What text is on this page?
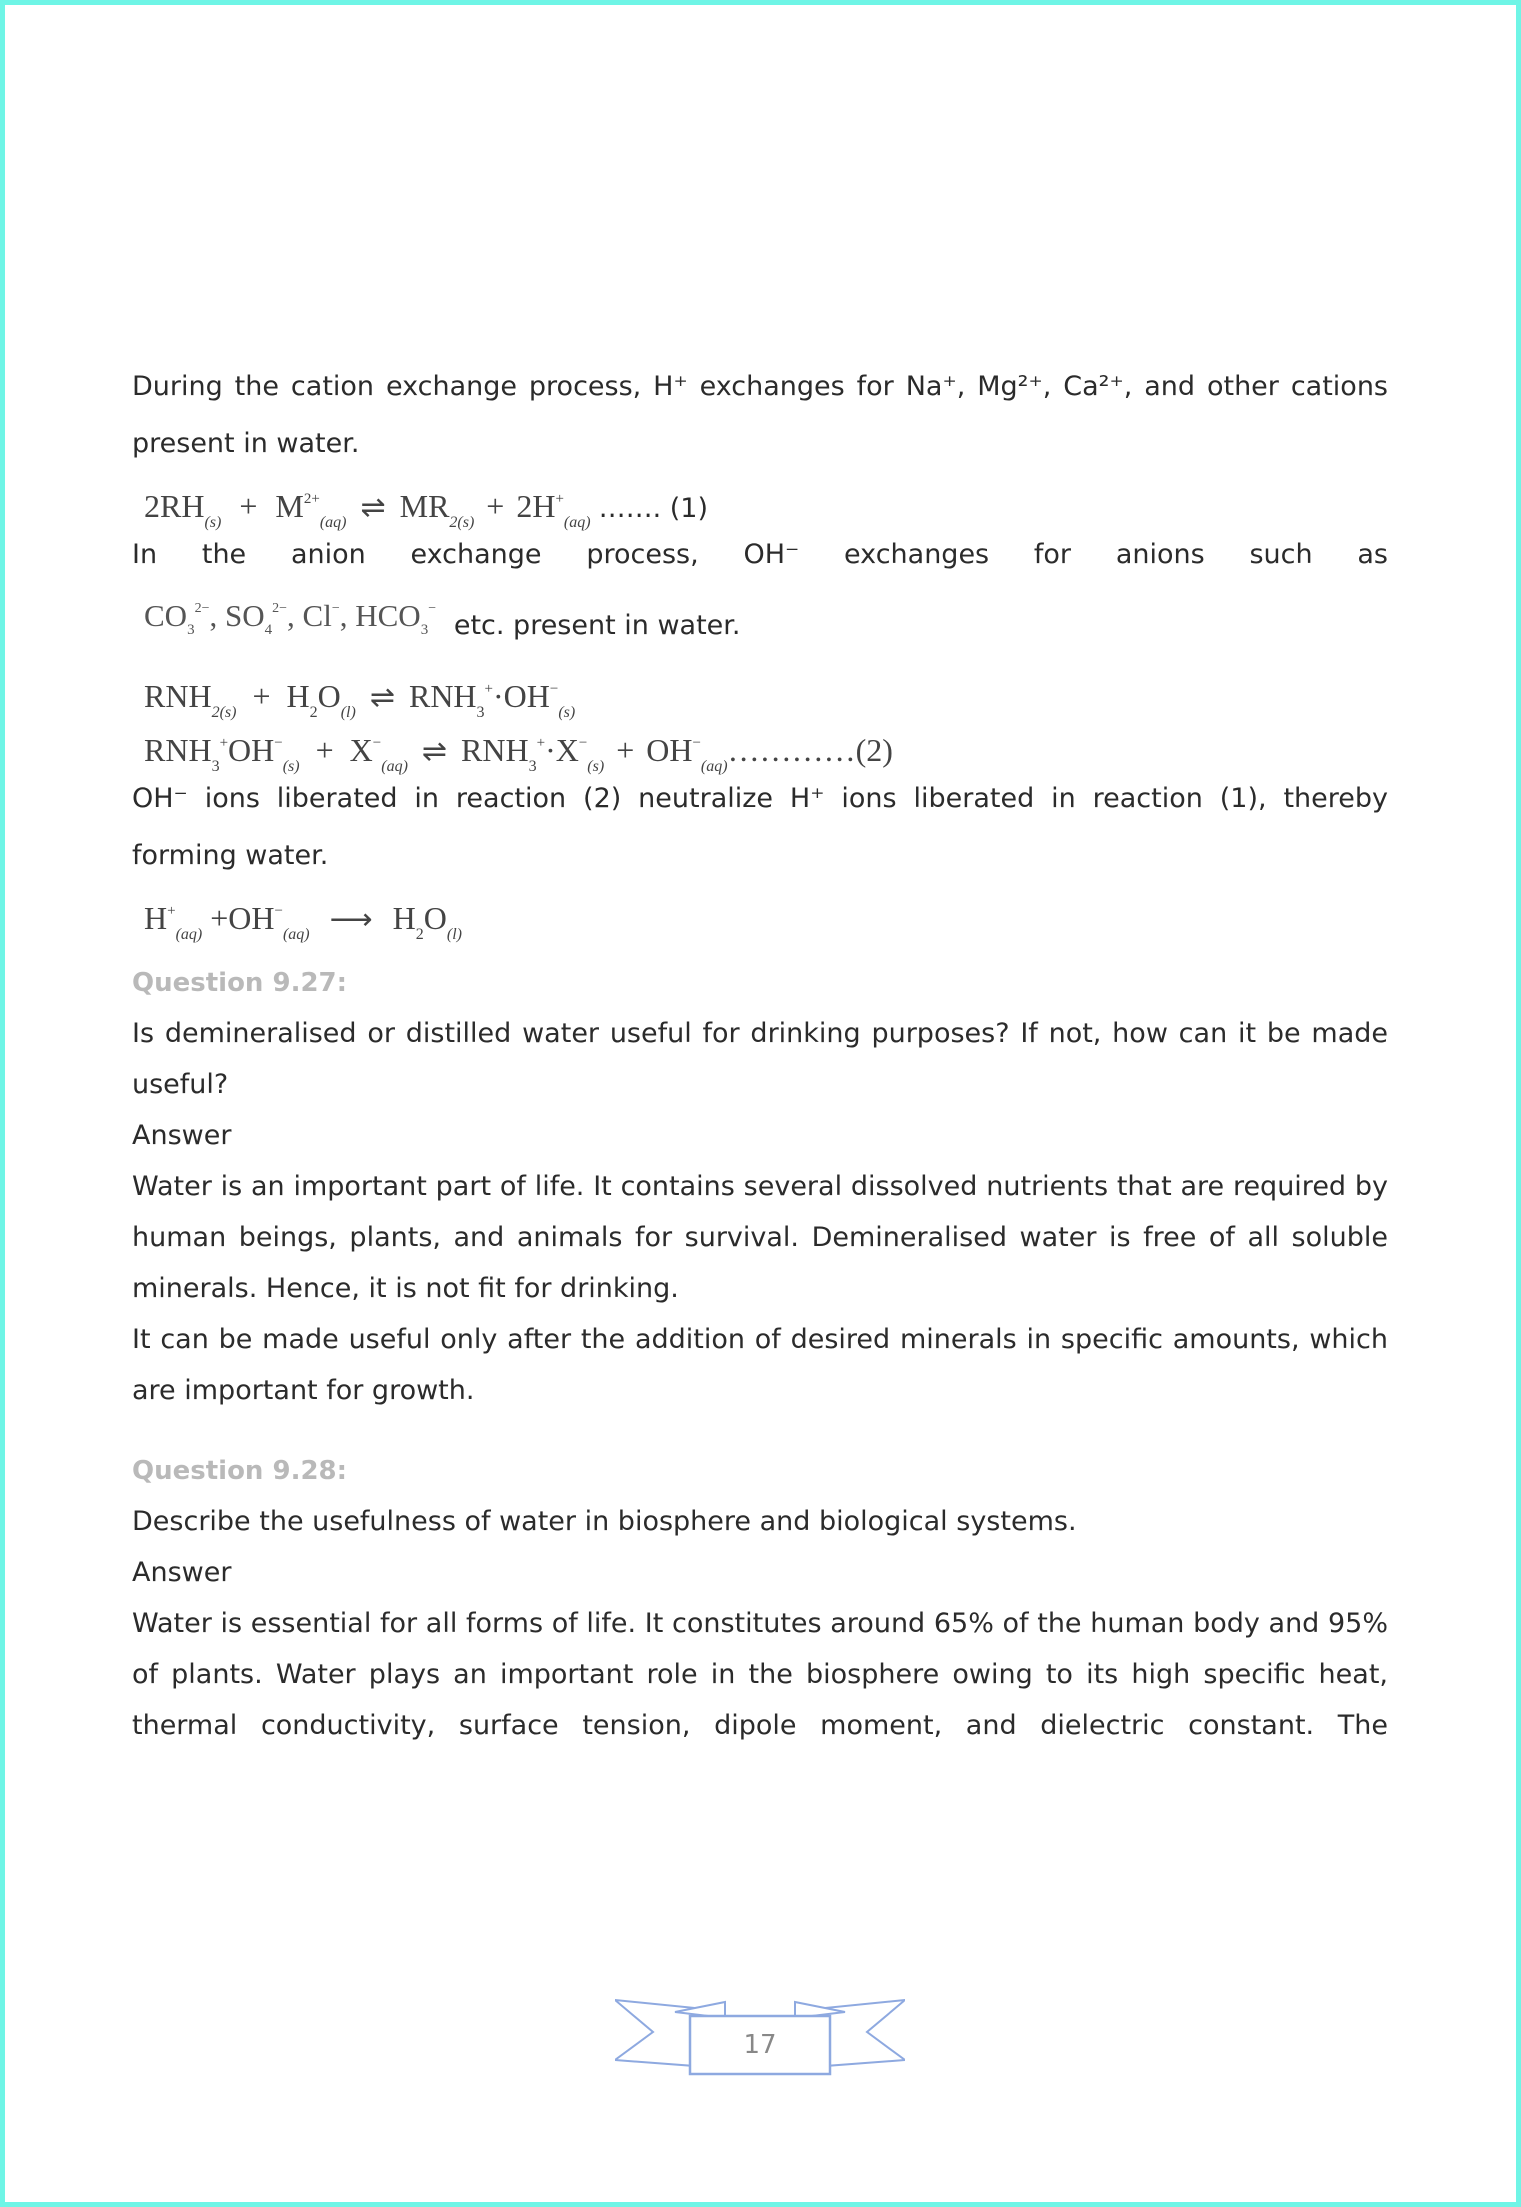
During the cation exchange process, H⁺ exchanges for Na⁺, Mg²⁺, Ca²⁺, and other cations present in water.

$2RH_{(s)} + M^{2+}_{(aq)}$ ⇌ $MR_{2(s)} + 2H^+_{(aq)}$ ……. (1)

In the anion exchange process, OH⁻ exchanges for anions such as

$CO_3^{2-}$, $SO_4^{2-}$, Cl−, $HCO_3^-$ etc. present in water.
$RNH_{2(s)} + H_2O_{(l)}$ ⇌ $RNH_3^+\cdot OH^-_{(s)}$
$RNH_3^+OH^-_{(s)} + X^-_{(aq)}$ ⇌ $RNH_3^+\cdot X^-_{(s)}$ + $OH^-_{(aq)}\dots\dots\dots\dots(2)$

OH⁻ ions liberated in reaction (2) neutralize H⁺ ions liberated in reaction (1), thereby forming water.

$H^+_{(aq)} +OH^-_{(aq)}$ ⟶ $H_2O_{(l)}$
Question 9.27:

Is demineralised or distilled water useful for drinking purposes? If not, how can it be made useful?

Answer

Water is an important part of life. It contains several dissolved nutrients that are required by human beings, plants, and animals for survival. Demineralised water is free of all soluble minerals. Hence, it is not fit for drinking.

It can be made useful only after the addition of desired minerals in specific amounts, which are important for growth.

Question 9.28:

Describe the usefulness of water in biosphere and biological systems.

Answer

Water is essential for all forms of life. It constitutes around 65% of the human body and 95% of plants. Water plays an important role in the biosphere owing to its high specific heat, thermal conductivity, surface tension, dipole moment, and dielectric constant. The

17
